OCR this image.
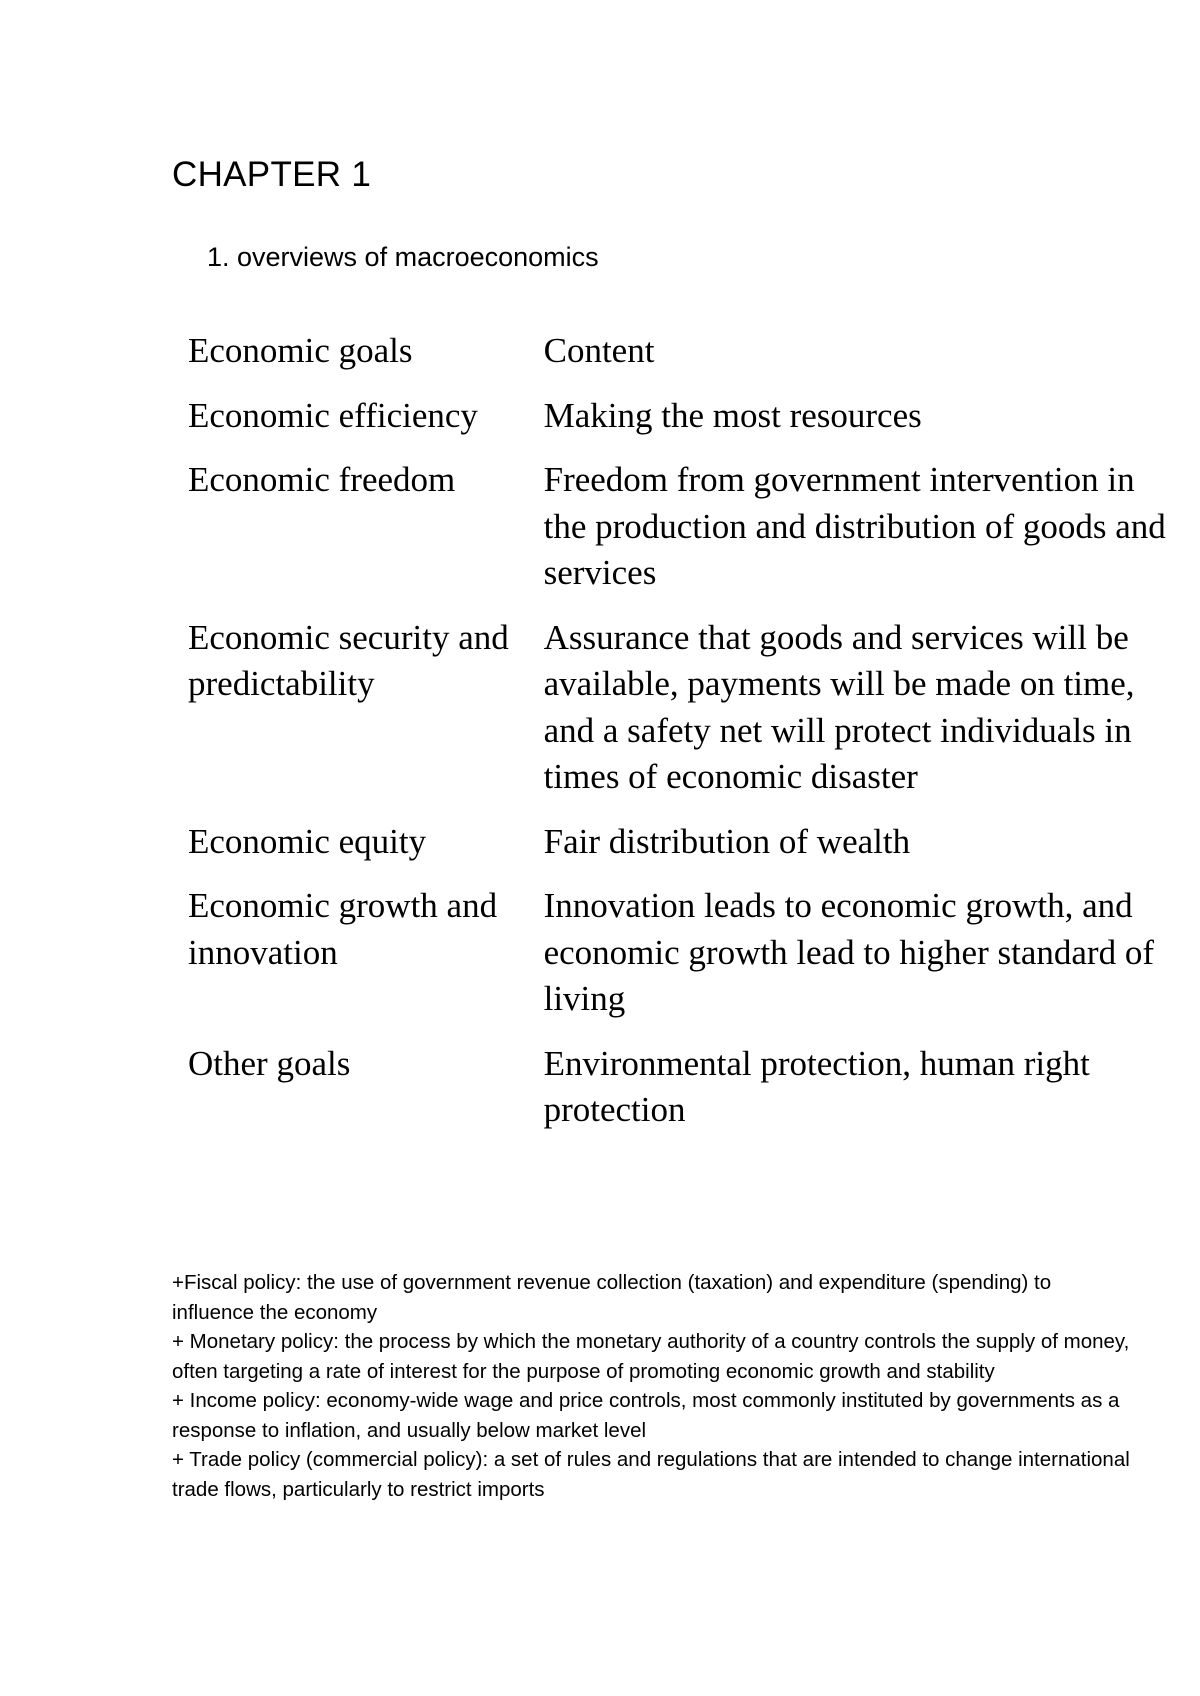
CHAPTER 1
1. overviews of macroeconomics
Economic goals	Content
Economic efficiency	Making the most resources
Economic freedom	Freedom from government intervention in the production and distribution of goods and services
Economic security and predictability	Assurance that goods and services will be available, payments will be made on time, and a safety net will protect individuals in times of economic disaster
Economic equity	Fair distribution of wealth
Economic growth and innovation	Innovation leads to economic growth, and economic growth lead to higher standard of living
Other goals	Environmental protection, human right protection

+Fiscal policy: the use of government revenue collection (taxation) and expenditure (spending) to influence the economy

+ Monetary policy: the process by which the monetary authority of a country controls the supply of money, often targeting a rate of interest for the purpose of promoting economic growth and stability

+ Income policy: economy-wide wage and price controls, most commonly instituted by governments as a response to inflation, and usually below market level

+ Trade policy (commercial policy): a set of rules and regulations that are intended to change international trade flows, particularly to restrict imports
